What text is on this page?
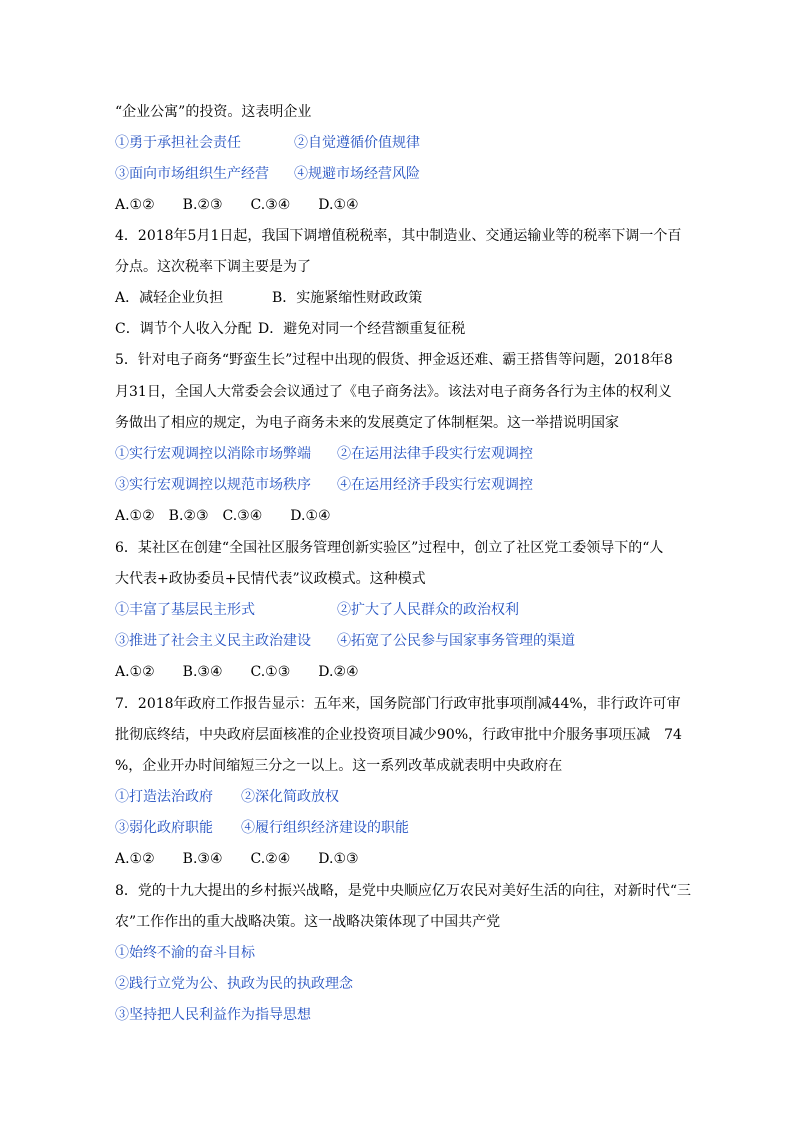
“企业公寓”的投资。这表明企业
①勇于承担社会责任	②自觉遵循价值规律
③面向市场组织生产经营 ④规避市场经营风险
A.①②　　B.②③　　C.③④　　D.①④
4．2018年5月1日起，我国下调增值税税率，其中制造业、交通运输业等的税率下调一个百
分点。这次税率下调主要是为了
A．减轻企业负担	B．实施紧缩性财政政策
C．调节个人收入分配 D．避免对同一个经营额重复征税
5．针对电子商务“野蛮生长”过程中出现的假货、押金返还难、霸王搭售等问题，2018年8
月31日，全国人大常委会会议通过了《电子商务法》。该法对电子商务各行为主体的权利义
务做出了相应的规定，为电子商务未来的发展奠定了体制框架。这一举措说明国家
①实行宏观调控以消除市场弊端 ②在运用法律手段实行宏观调控
③实行宏观调控以规范市场秩序 ④在运用经济手段实行宏观调控
A.①②　B.②③　C.③④　　D.①④
6．某社区在创建“全国社区服务管理创新实验区”过程中，创立了社区党工委领导下的“人
大代表+政协委员+民情代表”议政模式。这种模式
①丰富了基层民主形式	②扩大了人民群众的政治权利
③推进了社会主义民主政治建设 ④拓宽了公民参与国家事务管理的渠道
A.①②　　B.③④　　C.①③　　D.②④
7．2018年政府工作报告显示：五年来，国务院部门行政审批事项削减44%，非行政许可审
批彻底终结，中央政府层面核准的企业投资项目减少90%，行政审批中介服务事项压减　74
%，企业开办时间缩短三分之一以上。这一系列改革成就表明中央政府在
①打造法治政府　　②深化简政放权
③弱化政府职能　　④履行组织经济建设的职能
A.①②　　B.③④　　C.②④　　D.①③
8．党的十九大提出的乡村振兴战略，是党中央顺应亿万农民对美好生活的向往，对新时代“三
农”工作作出的重大战略决策。这一战略决策体现了中国共产党
①始终不渝的奋斗目标
②践行立党为公、执政为民的执政理念
③坚持把人民利益作为指导思想
